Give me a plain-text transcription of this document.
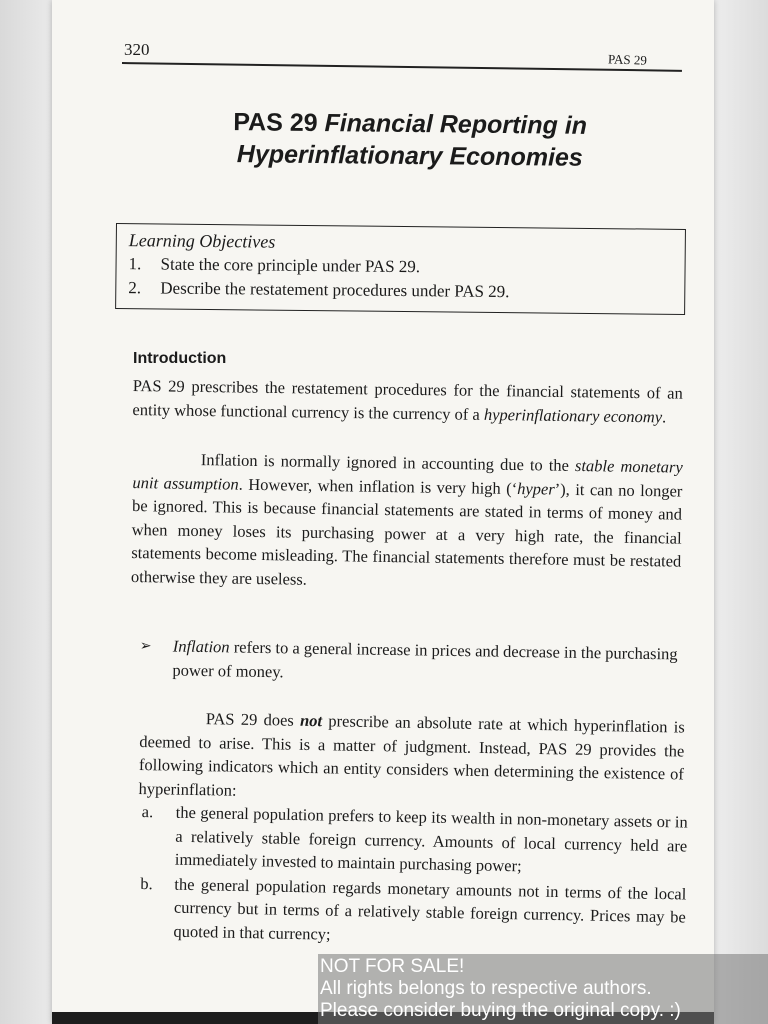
320
PAS 29
PAS 29 Financial Reporting in
Hyperinflationary Economies
Learning Objectives
1. State the core principle under PAS 29.
2. Describe the restatement procedures under PAS 29.
Introduction
PAS 29 prescribes the restatement procedures for the financial statements of an entity whose functional currency is the currency of a hyperinflationary economy.
Inflation is normally ignored in accounting due to the stable monetary unit assumption. However, when inflation is very high (‘hyper’), it can no longer be ignored. This is because financial statements are stated in terms of money and when money loses its purchasing power at a very high rate, the financial statements become misleading. The financial statements therefore must be restated otherwise they are useless.
➢ Inflation refers to a general increase in prices and decrease in the purchasing power of money.
PAS 29 does not prescribe an absolute rate at which hyperinflation is deemed to arise. This is a matter of judgment. Instead, PAS 29 provides the following indicators which an entity considers when determining the existence of hyperinflation:
a. the general population prefers to keep its wealth in non-monetary assets or in a relatively stable foreign currency. Amounts of local currency held are immediately invested to maintain purchasing power;
b. the general population regards monetary amounts not in terms of the local currency but in terms of a relatively stable foreign currency. Prices may be quoted in that currency;
NOT FOR SALE!
All rights belongs to respective authors.
Please consider buying the original copy. :)
